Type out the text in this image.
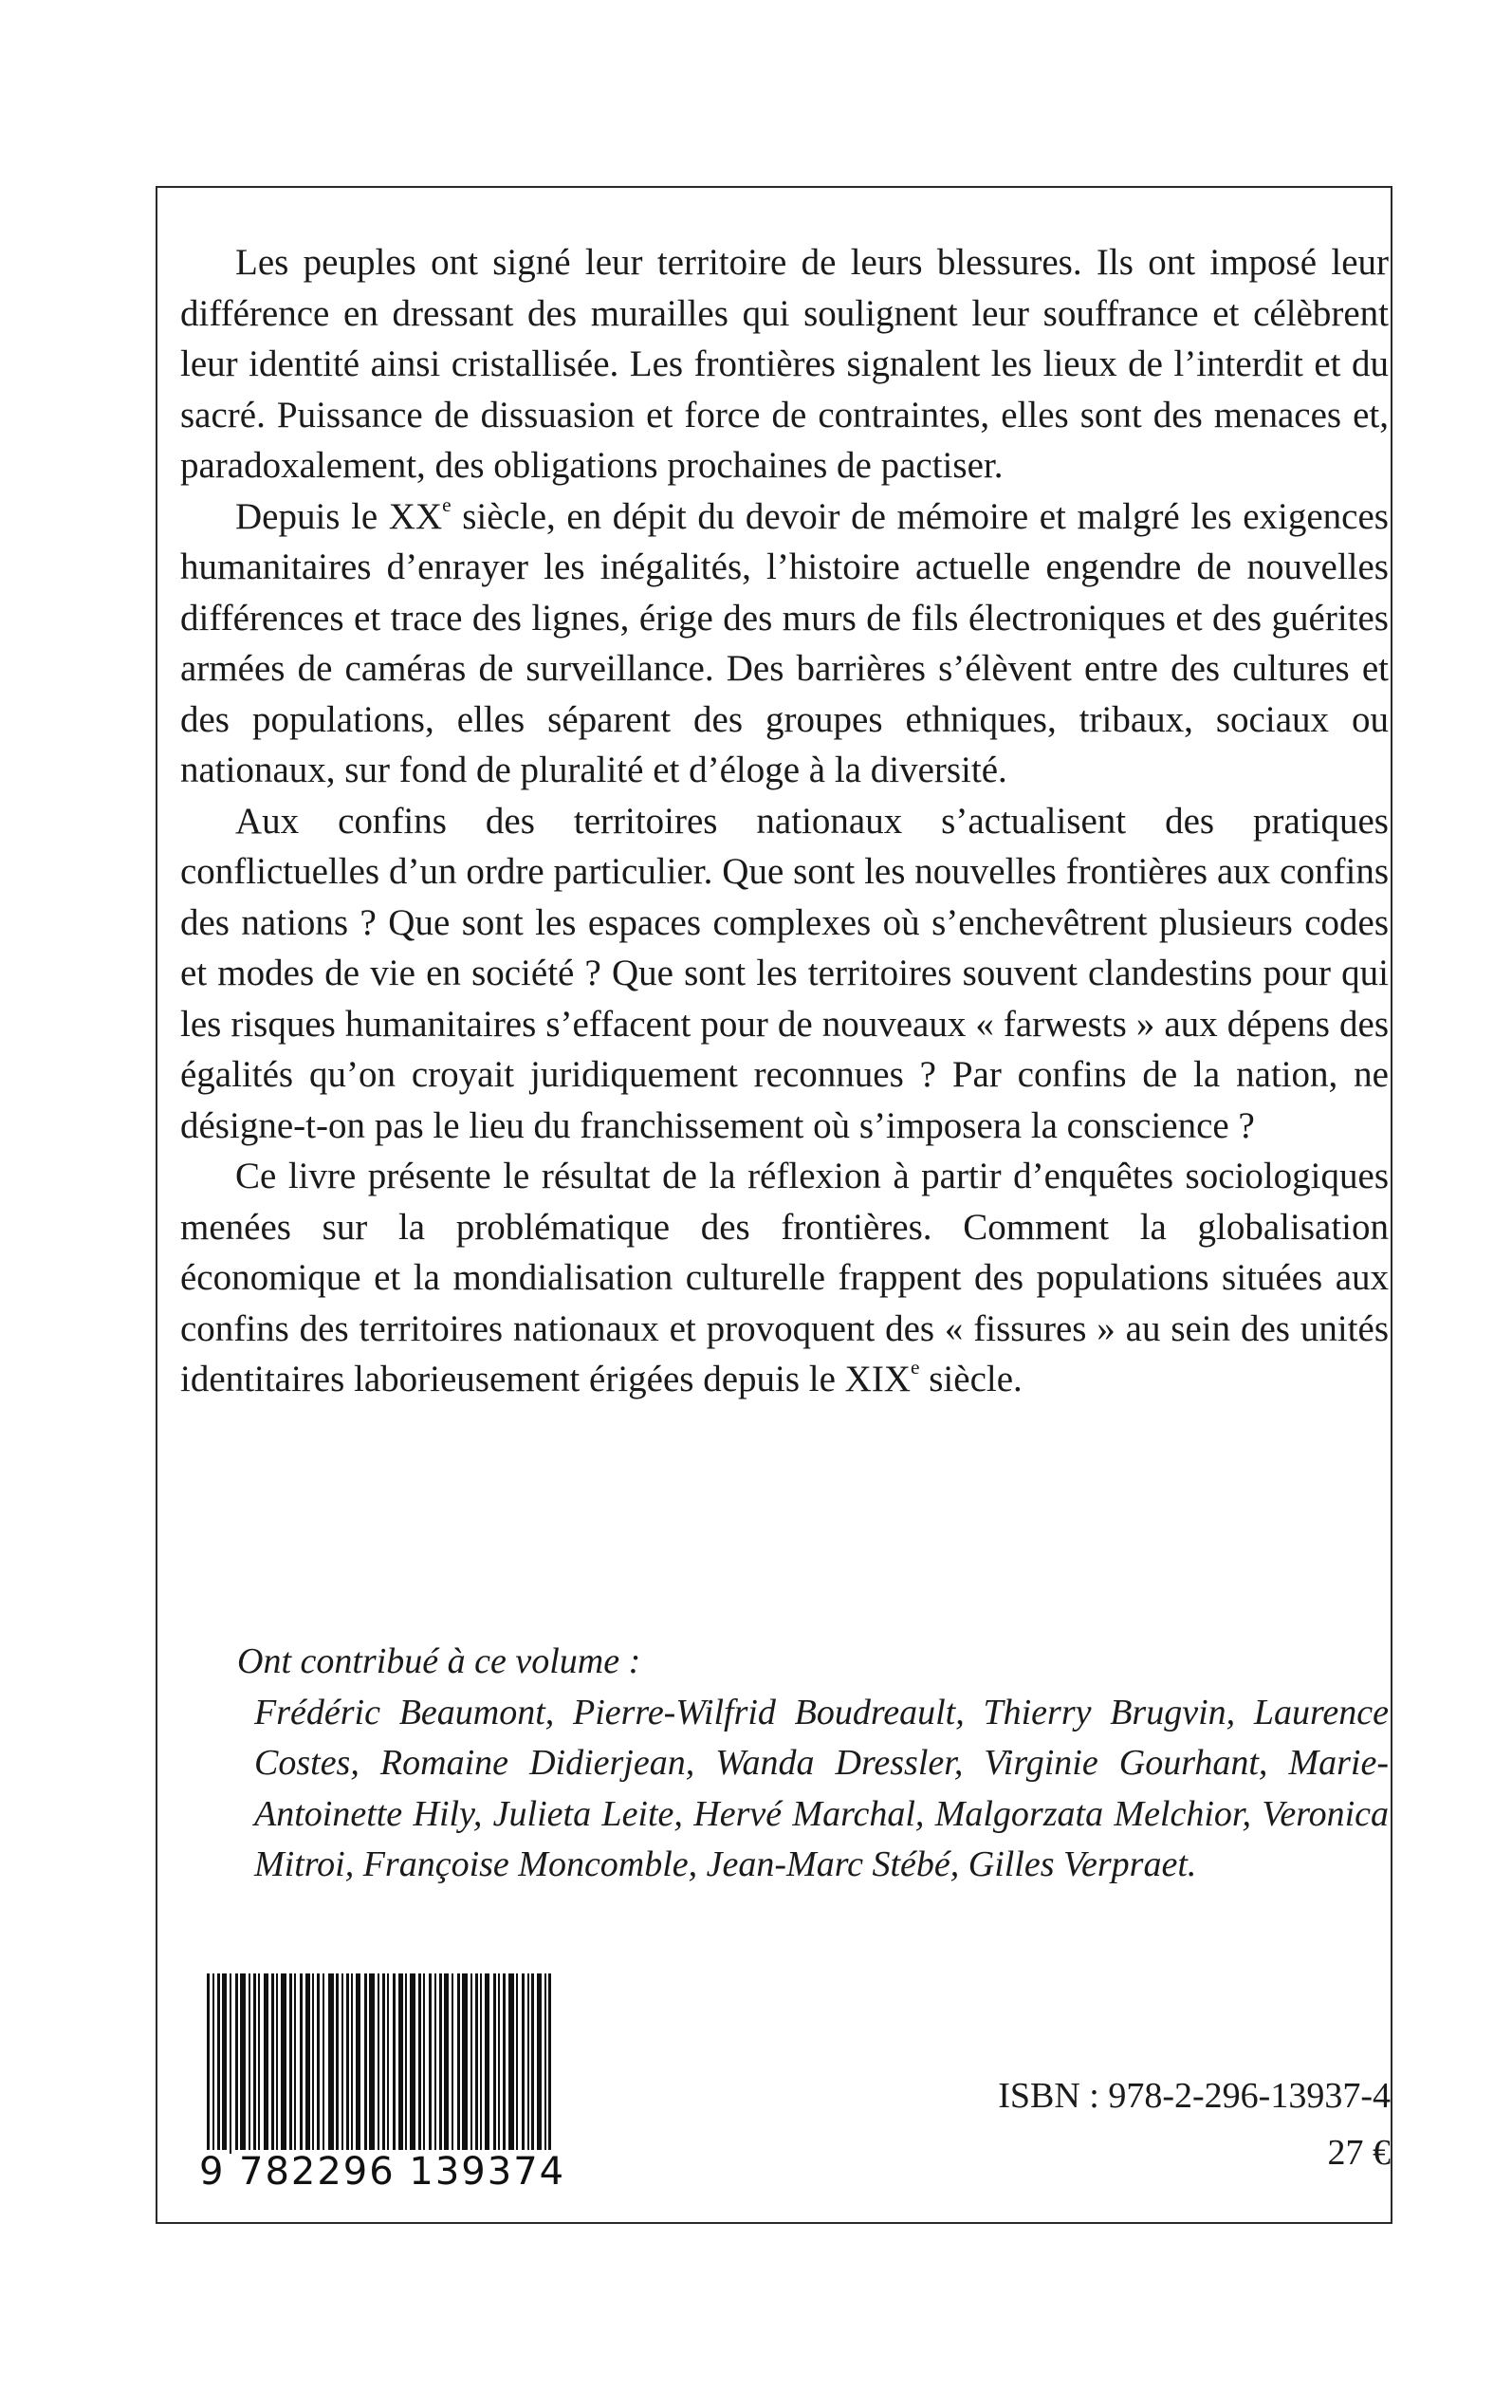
Les peuples ont signé leur territoire de leurs blessures. Ils ont imposé leur différence en dressant des murailles qui soulignent leur souffrance et célèbrent leur identité ainsi cristallisée. Les frontières signalent les lieux de l’interdit et du sacré. Puissance de dissuasion et force de contraintes, elles sont des menaces et, paradoxalement, des obligations prochaines de pactiser.

Depuis le XXe siècle, en dépit du devoir de mémoire et malgré les exigences humanitaires d’enrayer les inégalités, l’histoire actuelle engendre de nouvelles différences et trace des lignes, érige des murs de fils électroniques et des guérites armées de caméras de surveillance. Des barrières s’élèvent entre des cultures et des populations, elles séparent des groupes ethniques, tribaux, sociaux ou nationaux, sur fond de pluralité et d’éloge à la diversité.

Aux confins des territoires nationaux s’actualisent des pratiques conflictuelles d’un ordre particulier. Que sont les nouvelles frontières aux confins des nations ? Que sont les espaces complexes où s’enchevêtrent plusieurs codes et modes de vie en société ? Que sont les territoires souvent clandestins pour qui les risques humanitaires s’effacent pour de nouveaux « farwests » aux dépens des égalités qu’on croyait juridiquement reconnues ? Par confins de la nation, ne désigne-t-on pas le lieu du franchissement où s’imposera la conscience ?

Ce livre présente le résultat de la réflexion à partir d’enquêtes sociologiques menées sur la problématique des frontières. Comment la globalisation économique et la mondialisation culturelle frappent des populations situées aux confins des territoires nationaux et provoquent des « fissures » au sein des unités identitaires laborieusement érigées depuis le XIXe siècle.

Ont contribué à ce volume :

Frédéric Beaumont, Pierre-Wilfrid Boudreault, Thierry Brugvin, Laurence Costes, Romaine Didierjean, Wanda Dressler, Virginie Gourhant, Marie-Antoinette Hily, Julieta Leite, Hervé Marchal, Malgorzata Melchior, Veronica Mitroi, Françoise Moncomble, Jean-Marc Stébé, Gilles Verpraet.

9 782296 139374
ISBN : 978-2-296-13937-4
27 €
